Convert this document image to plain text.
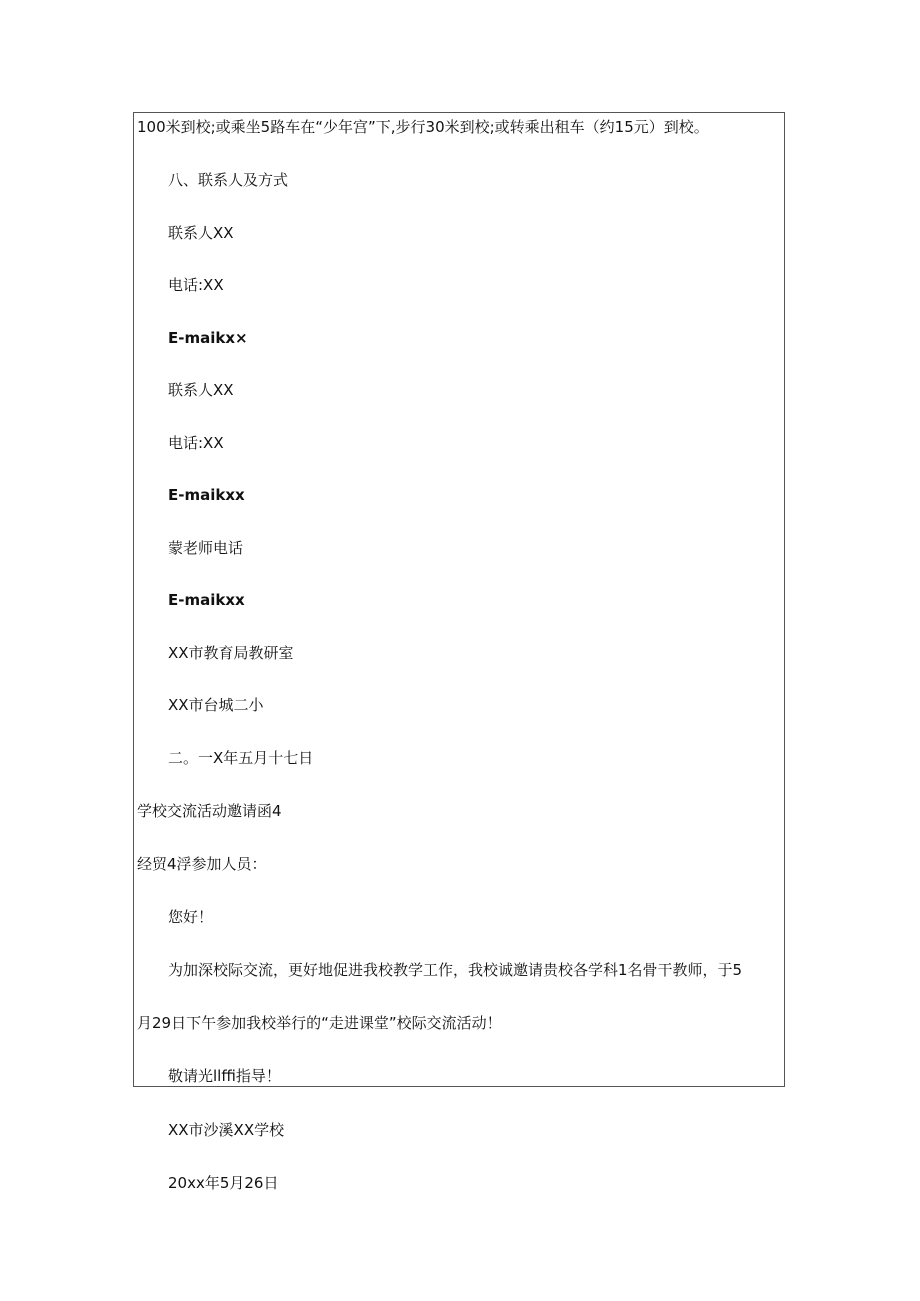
100米到校;或乘坐5路车在“少年宫”下,步行30米到校;或转乘出租车（约15元）到校。
八、联系人及方式
联系人XX
电话:XX
E-maikx×
联系人XX
电话:XX
E-maikxx
蒙老师电话
E-maikxx
XX市教育局教研室
XX市台城二小
二。一X年五月十七日
学校交流活动邀请函4
经贸4浮参加人员：
您好！
为加深校际交流，更好地促进我校教学工作，我校诚邀请贵校各学科1名骨干教师，于5
月29日下午参加我校举行的“走进课堂”校际交流活动！
敬请光llffi指导！
XX市沙溪XX学校
20xx年5月26日
